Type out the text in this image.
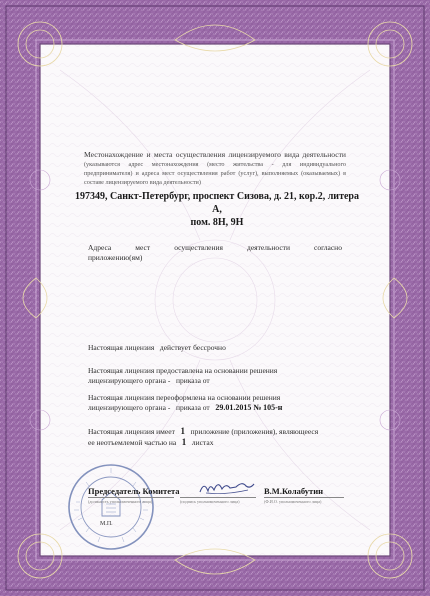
Местонахождение и места осуществления лицензируемого вида деятельности (указываются адрес местонахождения (место жительства - для индивидуального предпринимателя) и адреса мест осуществления работ (услуг), выполняемых (оказываемых) в составе лицензируемого вида деятельности)
197349, Санкт-Петербург, проспект Сизова, д. 21, кор.2, литера А,
пом. 8Н, 9Н
Адреса	мест	осуществления	деятельности	согласно
приложению(ям)
Настоящая лицензия действует бессрочно
Настоящая лицензия предоставлена на основании решения
лицензирующего органа - приказа от
Настоящая лицензия переоформлена на основании решения
лицензирующего органа - приказа от 29.01.2015 № 105-н
Настоящая лицензия имеет 1 приложение (приложения), являющееся
ее неотъемлемой частью на 1 листах
М.П.
Председатель Комитета	В.М.Колабутин
(должность уполномоченного лица)	(подпись уполномоченного лица)	(Ф.И.О. уполномоченного лица)
